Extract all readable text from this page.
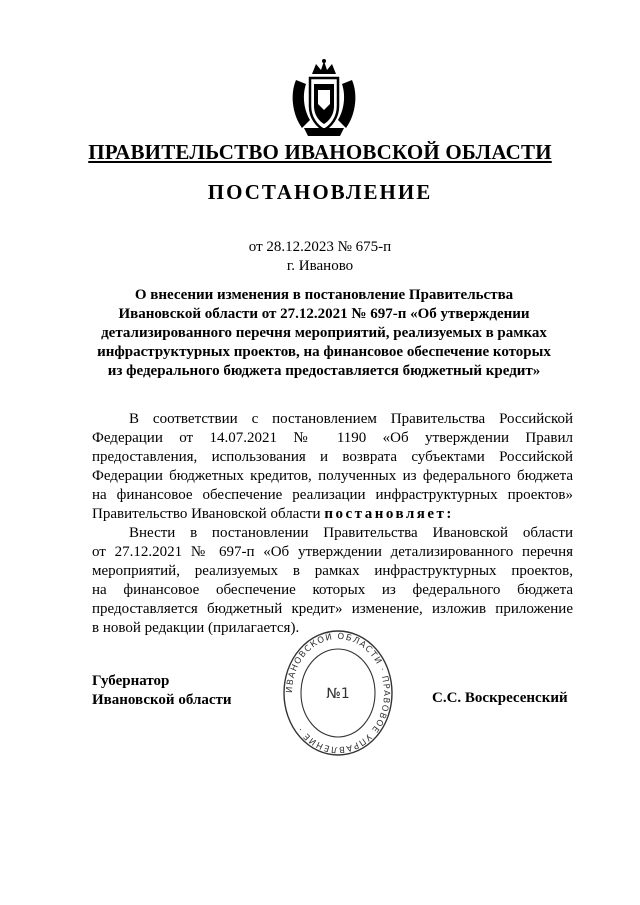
ПРАВИТЕЛЬСТВО ИВАНОВСКОЙ ОБЛАСТИ
ПОСТАНОВЛЕНИЕ
от 28.12.2023 № 675-п
г. Иваново
О внесении изменения в постановление Правительства
Ивановской области от 27.12.2021 № 697-п «Об утверждении
детализированного перечня мероприятий, реализуемых в рамках
инфраструктурных проектов, на финансовое обеспечение которых
из федерального бюджета предоставляется бюджетный кредит»
В соответствии с постановлением Правительства Российской
Федерации от 14.07.2021 № 1190 «Об утверждении Правил
предоставления, использования и возврата субъектами Российской
Федерации бюджетных кредитов, полученных из федерального бюджета
на финансовое обеспечение реализации инфраструктурных проектов»
Правительство Ивановской области постановляет:
Внести в постановлении Правительства Ивановской области
от 27.12.2021 № 697-п «Об утверждении детализированного перечня
мероприятий, реализуемых в рамках инфраструктурных проектов,
на финансовое обеспечение которых из федерального бюджета
предоставляется бюджетный кредит» изменение, изложив приложение
в новой редакции (прилагается).
Губернатор
Ивановской области
ИВАНОВСКОЙ ОБЛАСТИ · ПРАВОВОЕ УПРАВЛЕНИЕ ·
№1	С.С. Воскресенский
